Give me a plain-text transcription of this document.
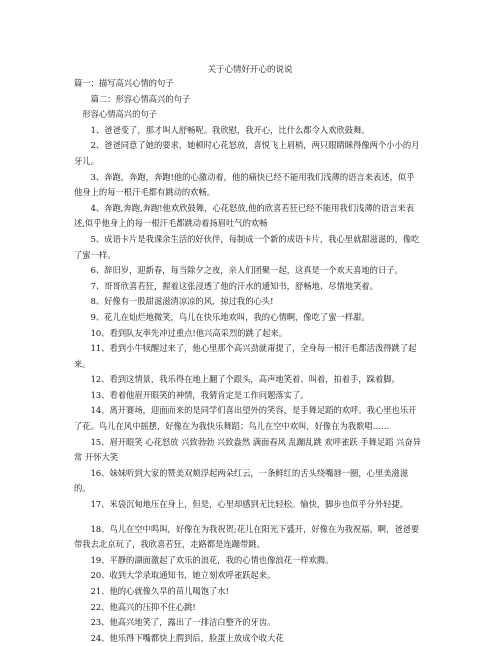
关于心情好开心的说说

篇一：描写高兴心情的句子

篇二：形容心情高兴的句子

形容心情高兴的句子

1、爸爸变了，那才叫人舒畅呢。我欣慰，我开心，比什么都令人欢欣鼓舞。

2、爸爸同意了她的要求，她顿时心花怒放，喜悦飞上眉梢，两只眼睛眯得像两个小小的月牙儿。

3、奔跑，奔跑，奔跑!他的心激动着，他的痛快已经不能用我们浅薄的语言来表述，似乎他身上的每一根汗毛都有跳动的欢畅。

4、奔跑,奔跑,奔跑!他欢欣鼓舞，心花怒放,他的欣喜若狂已经不能用我们浅薄的语言来表述,似乎他身上的每一根汗毛都跳动着扬眉吐气的欢畅

5、成语卡片是我课余生活的好伙伴，每制成一个新的成语卡片，我心里就甜滋滋的，像吃了蜜一样。

6、辞旧岁，迎新春，每当除夕之夜，亲人们团聚一起，这真是一个欢天喜地的日子。

7、哥哥欣喜若狂，握着这张浸透了他的汗水的通知书，舒畅地、尽情地笑着。

8、好像有一股甜滋滋清凉凉的风，掠过我的心头!

9、花儿在灿烂地微笑，鸟儿在快乐地欢叫，我的心情啊，像吃了蜜一样甜。

10、看到队友率先冲过重点!他兴高采烈的跳了起来。

11、看到小牛犊醒过来了，他心里那个高兴劲就甭提了，全身每一根汗毛都活泼得跳了起来。

12、看到这情景，我乐得在地上翻了个跟头，高声地笑着、叫着，拍着手，跺着脚。

13、看着他眉开眼笑的神情，我猜肯定是工作问题落实了。

14、离开赛场，迎面而来的是同学们喜出望外的笑容，是手舞足蹈的欢呼。我心里也乐开了花。鸟儿在风中摇摆，好像在为我快乐舞蹈；鸟儿在空中欢叫，好像在为我歌唱……

15、眉开眼笑 心花怒放 兴致勃勃 兴致盎然 满面春风 乱蹦乱跳 欢呼雀跃 手舞足蹈 兴奋异常 开怀大笑

16、妹妹听到大家的赞美双颊浮起两朵红云，一条鲜红的舌头绕嘴唇一圈，心里美滋滋的。

17、米袋沉甸地压在身上，但是，心里却感到无比轻松。愉快，脚步也似乎分外轻捷。

18、鸟儿在空中鸣叫，好像在为我祝贺;花儿在阳光下盛开，好像在为我祝福。啊，爸爸要带我去北京玩了，我欣喜若狂，走路都是连蹦带跳。

19、平静的湖面激起了欢乐的浪花，我的心情也像浪花一样欢腾。

20、收到大学录取通知书，她立刻欢呼雀跃起来。

21、他的心就像久旱的苗儿喝饱了水!

22、他高兴的压抑不住心跳!

23、他高兴地笑了，露出了一排洁白整齐的牙齿。

24、他乐得下嘴都快上腭到后，脸蛋上放成个收大花
